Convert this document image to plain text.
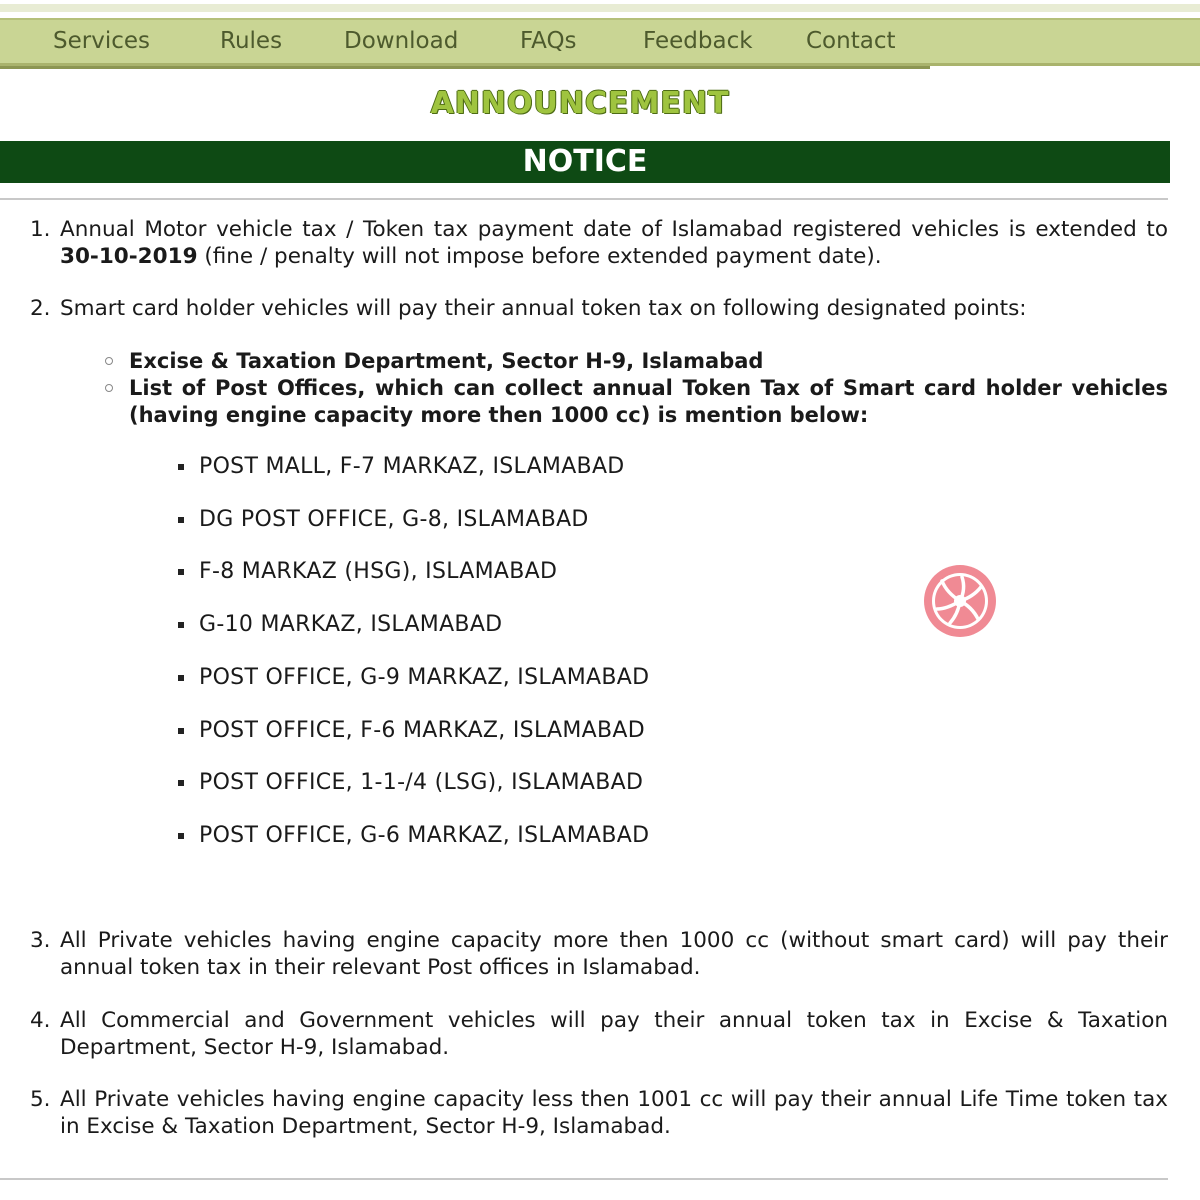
Services	Rules	Download	FAQs	Feedback Contact
ANNOUNCEMENT
NOTICE
1. Annual Motor vehicle tax / Token tax payment date of Islamabad registered vehicles is extended to 30-10-2019 (fine / penalty will not impose before extended payment date).
2. Smart card holder vehicles will pay their annual token tax on following designated points:
Excise & Taxation Department, Sector H-9, Islamabad
List of Post Offices, which can collect annual Token Tax of Smart card holder vehicles (having engine capacity more then 1000 cc) is mention below:
POST MALL, F-7 MARKAZ, ISLAMABAD
DG POST OFFICE, G-8, ISLAMABAD
F-8 MARKAZ (HSG), ISLAMABAD
G-10 MARKAZ, ISLAMABAD
POST OFFICE, G-9 MARKAZ, ISLAMABAD
POST OFFICE, F-6 MARKAZ, ISLAMABAD
POST OFFICE, 1-1-/4 (LSG), ISLAMABAD
POST OFFICE, G-6 MARKAZ, ISLAMABAD
3. All Private vehicles having engine capacity more then 1000 cc (without smart card) will pay their annual token tax in their relevant Post offices in Islamabad.
4. All Commercial and Government vehicles will pay their annual token tax in Excise & Taxation Department, Sector H-9, Islamabad.
5. All Private vehicles having engine capacity less then 1001 cc will pay their annual Life Time token tax in Excise & Taxation Department, Sector H-9, Islamabad.
